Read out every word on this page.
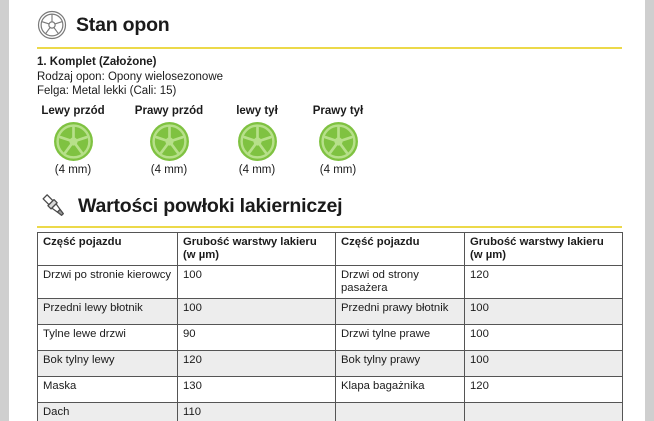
Stan opon
1. Komplet (Założone)
Rodzaj opon: Opony wielosezonowe
Felga: Metal lekki (Cali: 15)
Lewy przód
(4 mm)
Prawy przód
(4 mm)
lewy tył
(4 mm)
Prawy tył
(4 mm)
Wartości powłoki lakierniczej
Część pojazdu	Grubość warstwy lakieru (w µm)	Część pojazdu	Grubość warstwy lakieru (w µm)
Drzwi po stronie kierowcy	100	Drzwi od strony pasażera	120
Przedni lewy błotnik	100	Przedni prawy błotnik	100
Tylne lewe drzwi	90	Drzwi tylne prawe	100
Bok tylny lewy	120	Bok tylny prawy	100
Maska	130	Klapa bagażnika	120
Dach	110		
